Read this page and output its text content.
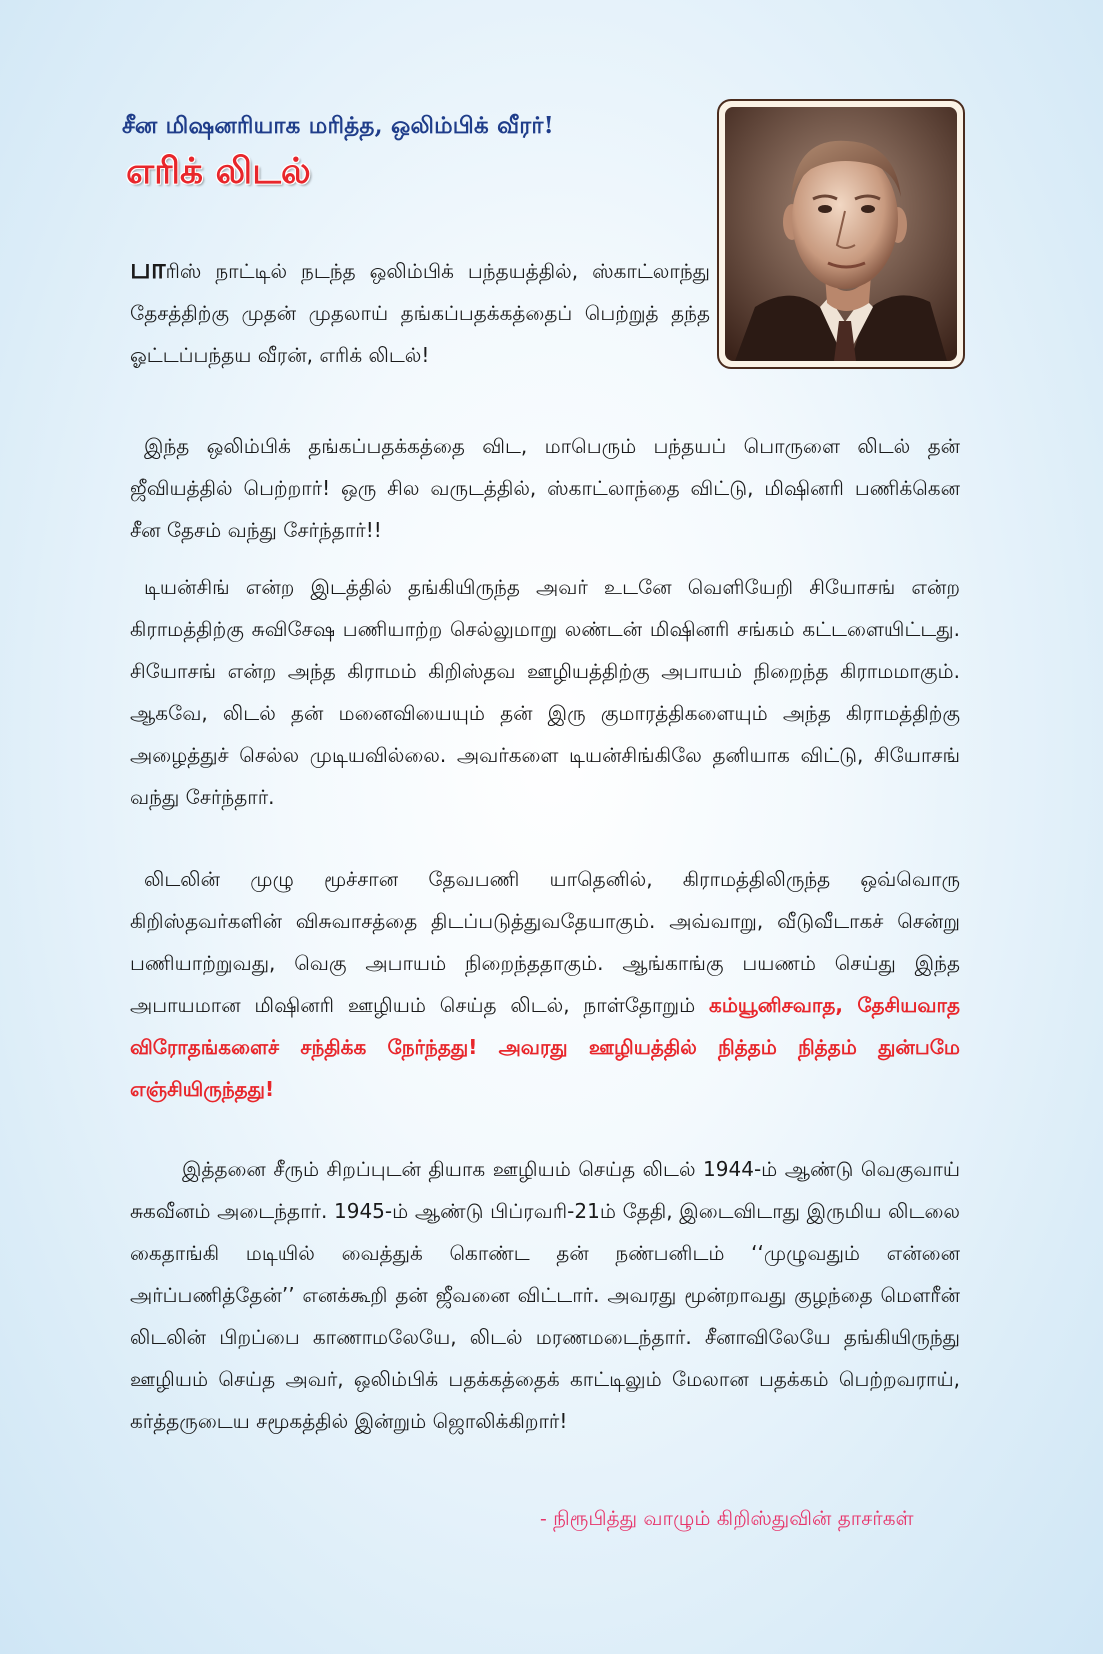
சீன மிஷனரியாக மரித்த, ஒலிம்பிக் வீரர்!
எரிக் லிடல்
பாரிஸ் நாட்டில் நடந்த ஒலிம்பிக் பந்தயத்தில், ஸ்காட்லாந்து தேசத்திற்கு முதன் முதலாய் தங்கப்பதக்கத்தைப் பெற்றுத் தந்த ஓட்டப்பந்தய வீரன், எரிக் லிடல்!
இந்த ஒலிம்பிக் தங்கப்பதக்கத்தை விட, மாபெரும் பந்தயப் பொருளை லிடல் தன் ஜீவியத்தில் பெற்றார்! ஒரு சில வருடத்தில், ஸ்காட்லாந்தை விட்டு, மிஷினரி பணிக்கென சீன தேசம் வந்து சேர்ந்தார்!!
டியன்சிங் என்ற இடத்தில் தங்கியிருந்த அவர் உடனே வெளியேறி சியோசங் என்ற கிராமத்திற்கு சுவிசேஷ பணியாற்ற செல்லுமாறு லண்டன் மிஷினரி சங்கம் கட்டளையிட்டது. சியோசங் என்ற அந்த கிராமம் கிறிஸ்தவ ஊழியத்திற்கு அபாயம் நிறைந்த கிராமமாகும். ஆகவே, லிடல் தன் மனைவியையும் தன் இரு குமாரத்திகளையும் அந்த கிராமத்திற்கு அழைத்துச் செல்ல முடியவில்லை. அவர்களை டியன்சிங்கிலே தனியாக விட்டு, சியோசங் வந்து சேர்ந்தார்.
லிடலின் முழு மூச்சான தேவபணி யாதெனில், கிராமத்திலிருந்த ஒவ்வொரு கிறிஸ்தவர்களின் விசுவாசத்தை திடப்படுத்துவதேயாகும். அவ்வாறு, வீடுவீடாகச் சென்று பணியாற்றுவது, வெகு அபாயம் நிறைந்ததாகும். ஆங்காங்கு பயணம் செய்து இந்த அபாயமான மிஷினரி ஊழியம் செய்த லிடல், நாள்தோறும் கம்யூனிசவாத, தேசியவாத விரோதங்களைச் சந்திக்க நேர்ந்தது! அவரது ஊழியத்தில் நித்தம் நித்தம் துன்பமே எஞ்சியிருந்தது!
இத்தனை சீரும் சிறப்புடன் தியாக ஊழியம் செய்த லிடல் 1944-ம் ஆண்டு வெகுவாய் சுகவீனம் அடைந்தார். 1945-ம் ஆண்டு பிப்ரவரி-21ம் தேதி, இடைவிடாது இருமிய லிடலை கைதாங்கி மடியில் வைத்துக் கொண்ட தன் நண்பனிடம் ‘‘முழுவதும் என்னை அர்ப்பணித்தேன்’’ எனக்கூறி தன் ஜீவனை விட்டார். அவரது மூன்றாவது குழந்தை மௌரீன் லிடலின் பிறப்பை காணாமலேயே, லிடல் மரணமடைந்தார். சீனாவிலேயே தங்கியிருந்து ஊழியம் செய்த அவர், ஒலிம்பிக் பதக்கத்தைக் காட்டிலும் மேலான பதக்கம் பெற்றவராய், கர்த்தருடைய சமூகத்தில் இன்றும் ஜொலிக்கிறார்!
- நிரூபித்து வாழும் கிறிஸ்துவின் தாசர்கள்
